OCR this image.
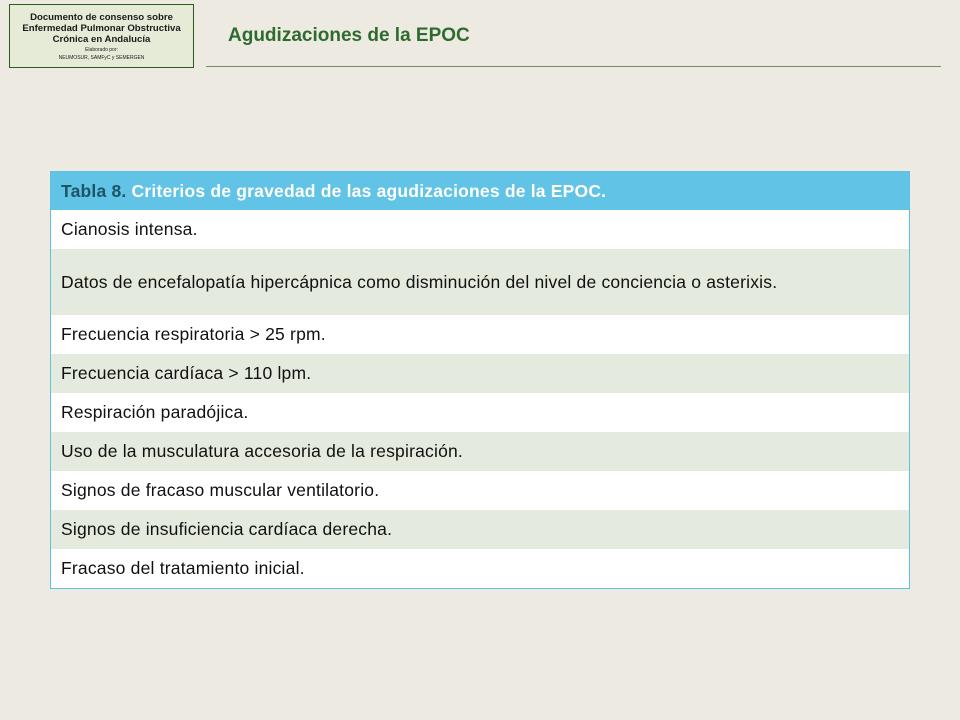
Documento de consenso sobre
Enfermedad Pulmonar Obstructiva
Crónica en Andalucía
Elaborado por:
NEUMOSUR, SAMFyC y SEMERGEN
Agudizaciones de la EPOC
Tabla 8. Criterios de gravedad de las agudizaciones de la EPOC.
Cianosis intensa.
Datos de encefalopatía hipercápnica como disminución del nivel de conciencia o asterixis.
Frecuencia respiratoria > 25 rpm.
Frecuencia cardíaca > 110 lpm.
Respiración paradójica.
Uso de la musculatura accesoria de la respiración.
Signos de fracaso muscular ventilatorio.
Signos de insuficiencia cardíaca derecha.
Fracaso del tratamiento inicial.
